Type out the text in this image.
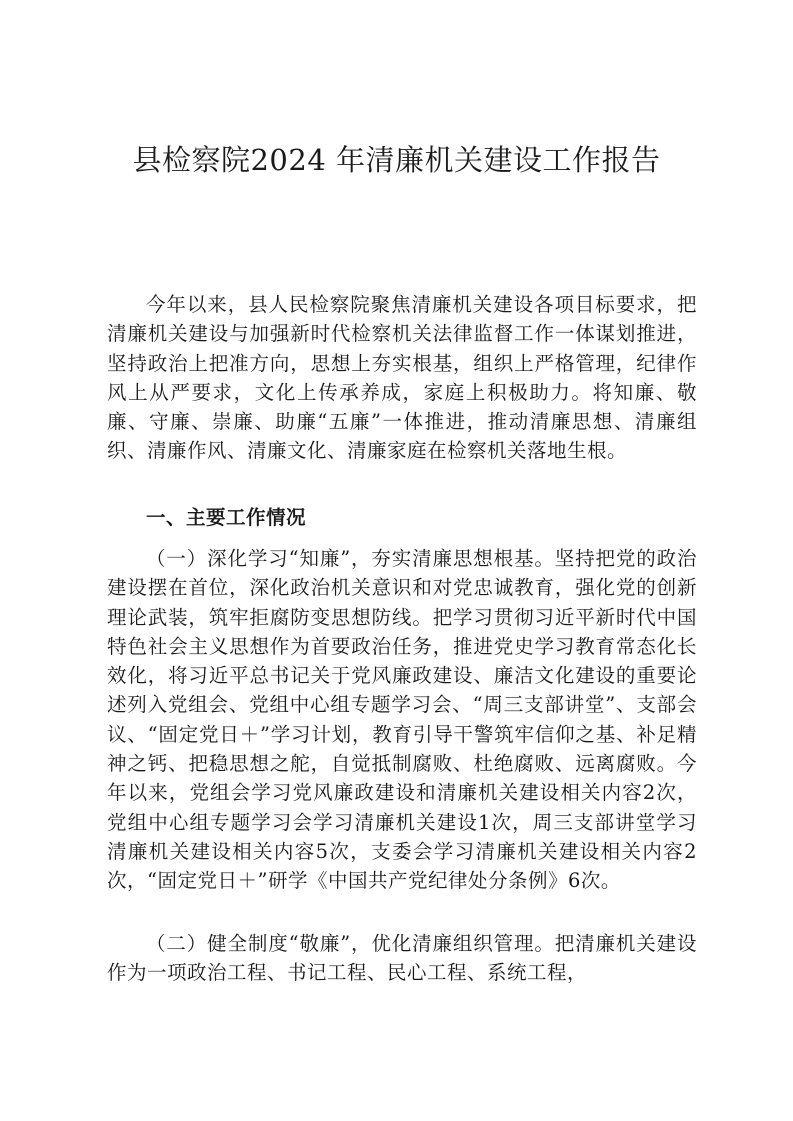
县检察院2024 年清廉机关建设工作报告

今年以来，县人民检察院聚焦清廉机关建设各项目标要求，把清廉机关建设与加强新时代检察机关法律监督工作一体谋划推进，坚持政治上把准方向，思想上夯实根基，组织上严格管理，纪律作风上从严要求，文化上传承养成，家庭上积极助力。将知廉、敬廉、守廉、崇廉、助廉“五廉”一体推进，推动清廉思想、清廉组织、清廉作风、清廉文化、清廉家庭在检察机关落地生根。

一、主要工作情况

（一）深化学习“知廉”，夯实清廉思想根基。坚持把党的政治建设摆在首位，深化政治机关意识和对党忠诚教育，强化党的创新理论武装，筑牢拒腐防变思想防线。把学习贯彻习近平新时代中国特色社会主义思想作为首要政治任务，推进党史学习教育常态化长效化，将习近平总书记关于党风廉政建设、廉洁文化建设的重要论述列入党组会、党组中心组专题学习会、“周三支部讲堂”、支部会议、“固定党日＋”学习计划，教育引导干警筑牢信仰之基、补足精神之钙、把稳思想之舵，自觉抵制腐败、杜绝腐败、远离腐败。今年以来，党组会学习党风廉政建设和清廉机关建设相关内容2次，党组中心组专题学习会学习清廉机关建设1次，周三支部讲堂学习清廉机关建设相关内容5次，支委会学习清廉机关建设相关内容2次，“固定党日＋”研学《中国共产党纪律处分条例》6次。

（二）健全制度“敬廉”，优化清廉组织管理。把清廉机关建设作为一项政治工程、书记工程、民心工程、系统工程，
